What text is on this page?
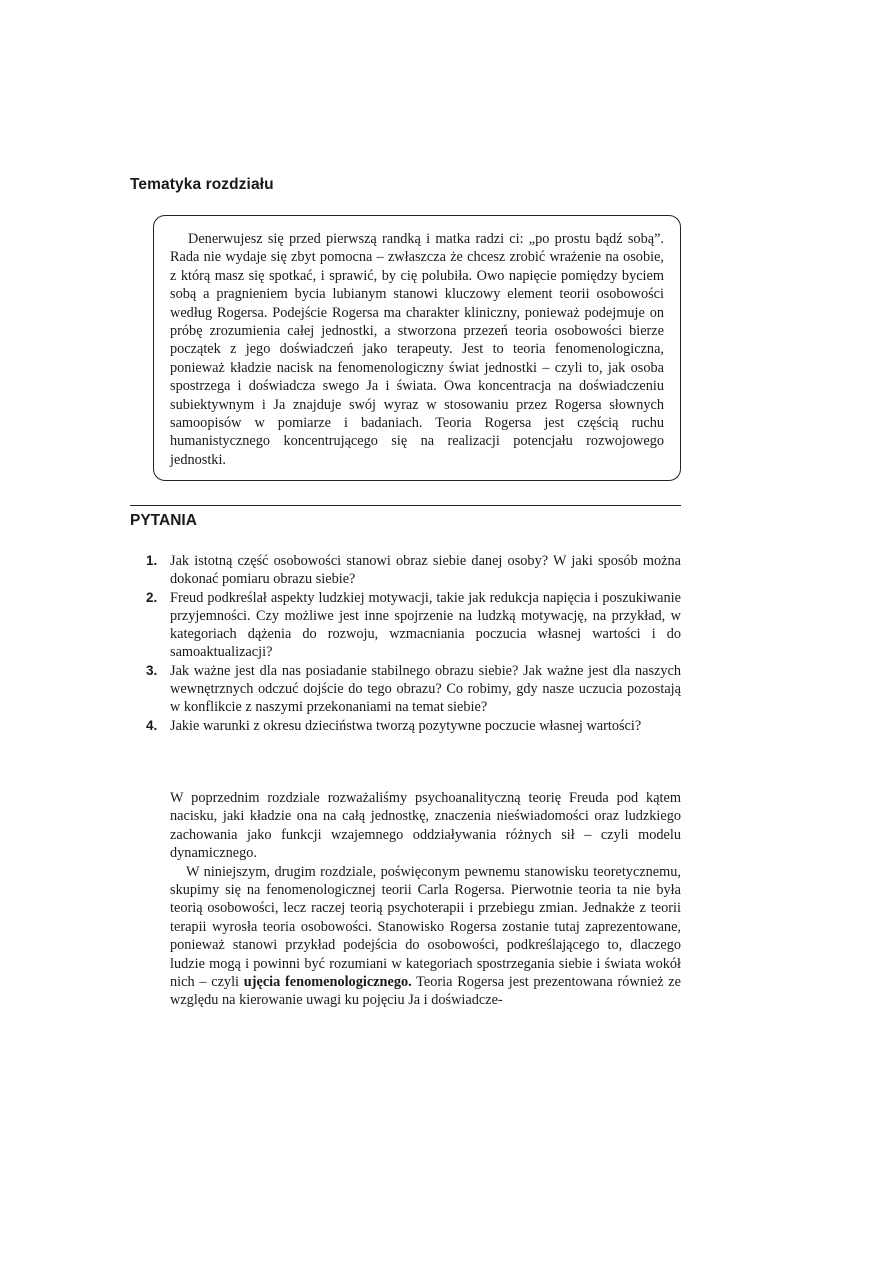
Tematyka rozdziału

Denerwujesz się przed pierwszą randką i matka radzi ci: „po prostu bądź sobą”. Rada nie wydaje się zbyt pomocna – zwłaszcza że chcesz zrobić wrażenie na osobie, z którą masz się spotkać, i sprawić, by cię polubiła. Owo napięcie pomiędzy byciem sobą a pragnieniem bycia lubianym stanowi kluczowy element teorii osobowości według Rogersa. Podejście Rogersa ma charakter kliniczny, ponieważ podejmuje on próbę zrozumienia całej jednostki, a stworzona przezeń teoria osobowości bierze początek z jego doświadczeń jako terapeuty. Jest to teoria fenomenologiczna, ponieważ kładzie nacisk na fenomenologiczny świat jednostki – czyli to, jak osoba spostrzega i doświadcza swego Ja i świata. Owa koncentracja na doświadczeniu subiektywnym i Ja znajduje swój wyraz w stosowaniu przez Rogersa słownych samoopisów w pomiarze i badaniach. Teoria Rogersa jest częścią ruchu humanistycznego koncentrującego się na realizacji potencjału rozwojowego jednostki.

PYTANIA
1. Jak istotną część osobowości stanowi obraz siebie danej osoby? W jaki sposób można dokonać pomiaru obrazu siebie?
2. Freud podkreślał aspekty ludzkiej motywacji, takie jak redukcja napięcia i poszukiwanie przyjemności. Czy możliwe jest inne spojrzenie na ludzką motywację, na przykład, w kategoriach dążenia do rozwoju, wzmacniania poczucia własnej wartości i do samoaktualizacji?
3. Jak ważne jest dla nas posiadanie stabilnego obrazu siebie? Jak ważne jest dla naszych wewnętrznych odczuć dojście do tego obrazu? Co robimy, gdy nasze uczucia pozostają w konflikcie z naszymi przekonaniami na temat siebie?
4. Jakie warunki z okresu dzieciństwa tworzą pozytywne poczucie własnej wartości?

W poprzednim rozdziale rozważaliśmy psychoanalityczną teorię Freuda pod kątem nacisku, jaki kładzie ona na całą jednostkę, znaczenia nieświadomości oraz ludzkiego zachowania jako funkcji wzajemnego oddziaływania różnych sił – czyli modelu dynamicznego.

W niniejszym, drugim rozdziale, poświęconym pewnemu stanowisku teoretycznemu, skupimy się na fenomenologicznej teorii Carla Rogersa. Pierwotnie teoria ta nie była teorią osobowości, lecz raczej teorią psychoterapii i przebiegu zmian. Jednakże z teorii terapii wyrosła teoria osobowości. Stanowisko Rogersa zostanie tutaj zaprezentowane, ponieważ stanowi przykład podejścia do osobowości, podkreślającego to, dlaczego ludzie mogą i powinni być rozumiani w kategoriach spostrzegania siebie i świata wokół nich – czyli ujęcia fenomenologicznego. Teoria Rogersa jest prezentowana również ze względu na kierowanie uwagi ku pojęciu Ja i doświadcze-
